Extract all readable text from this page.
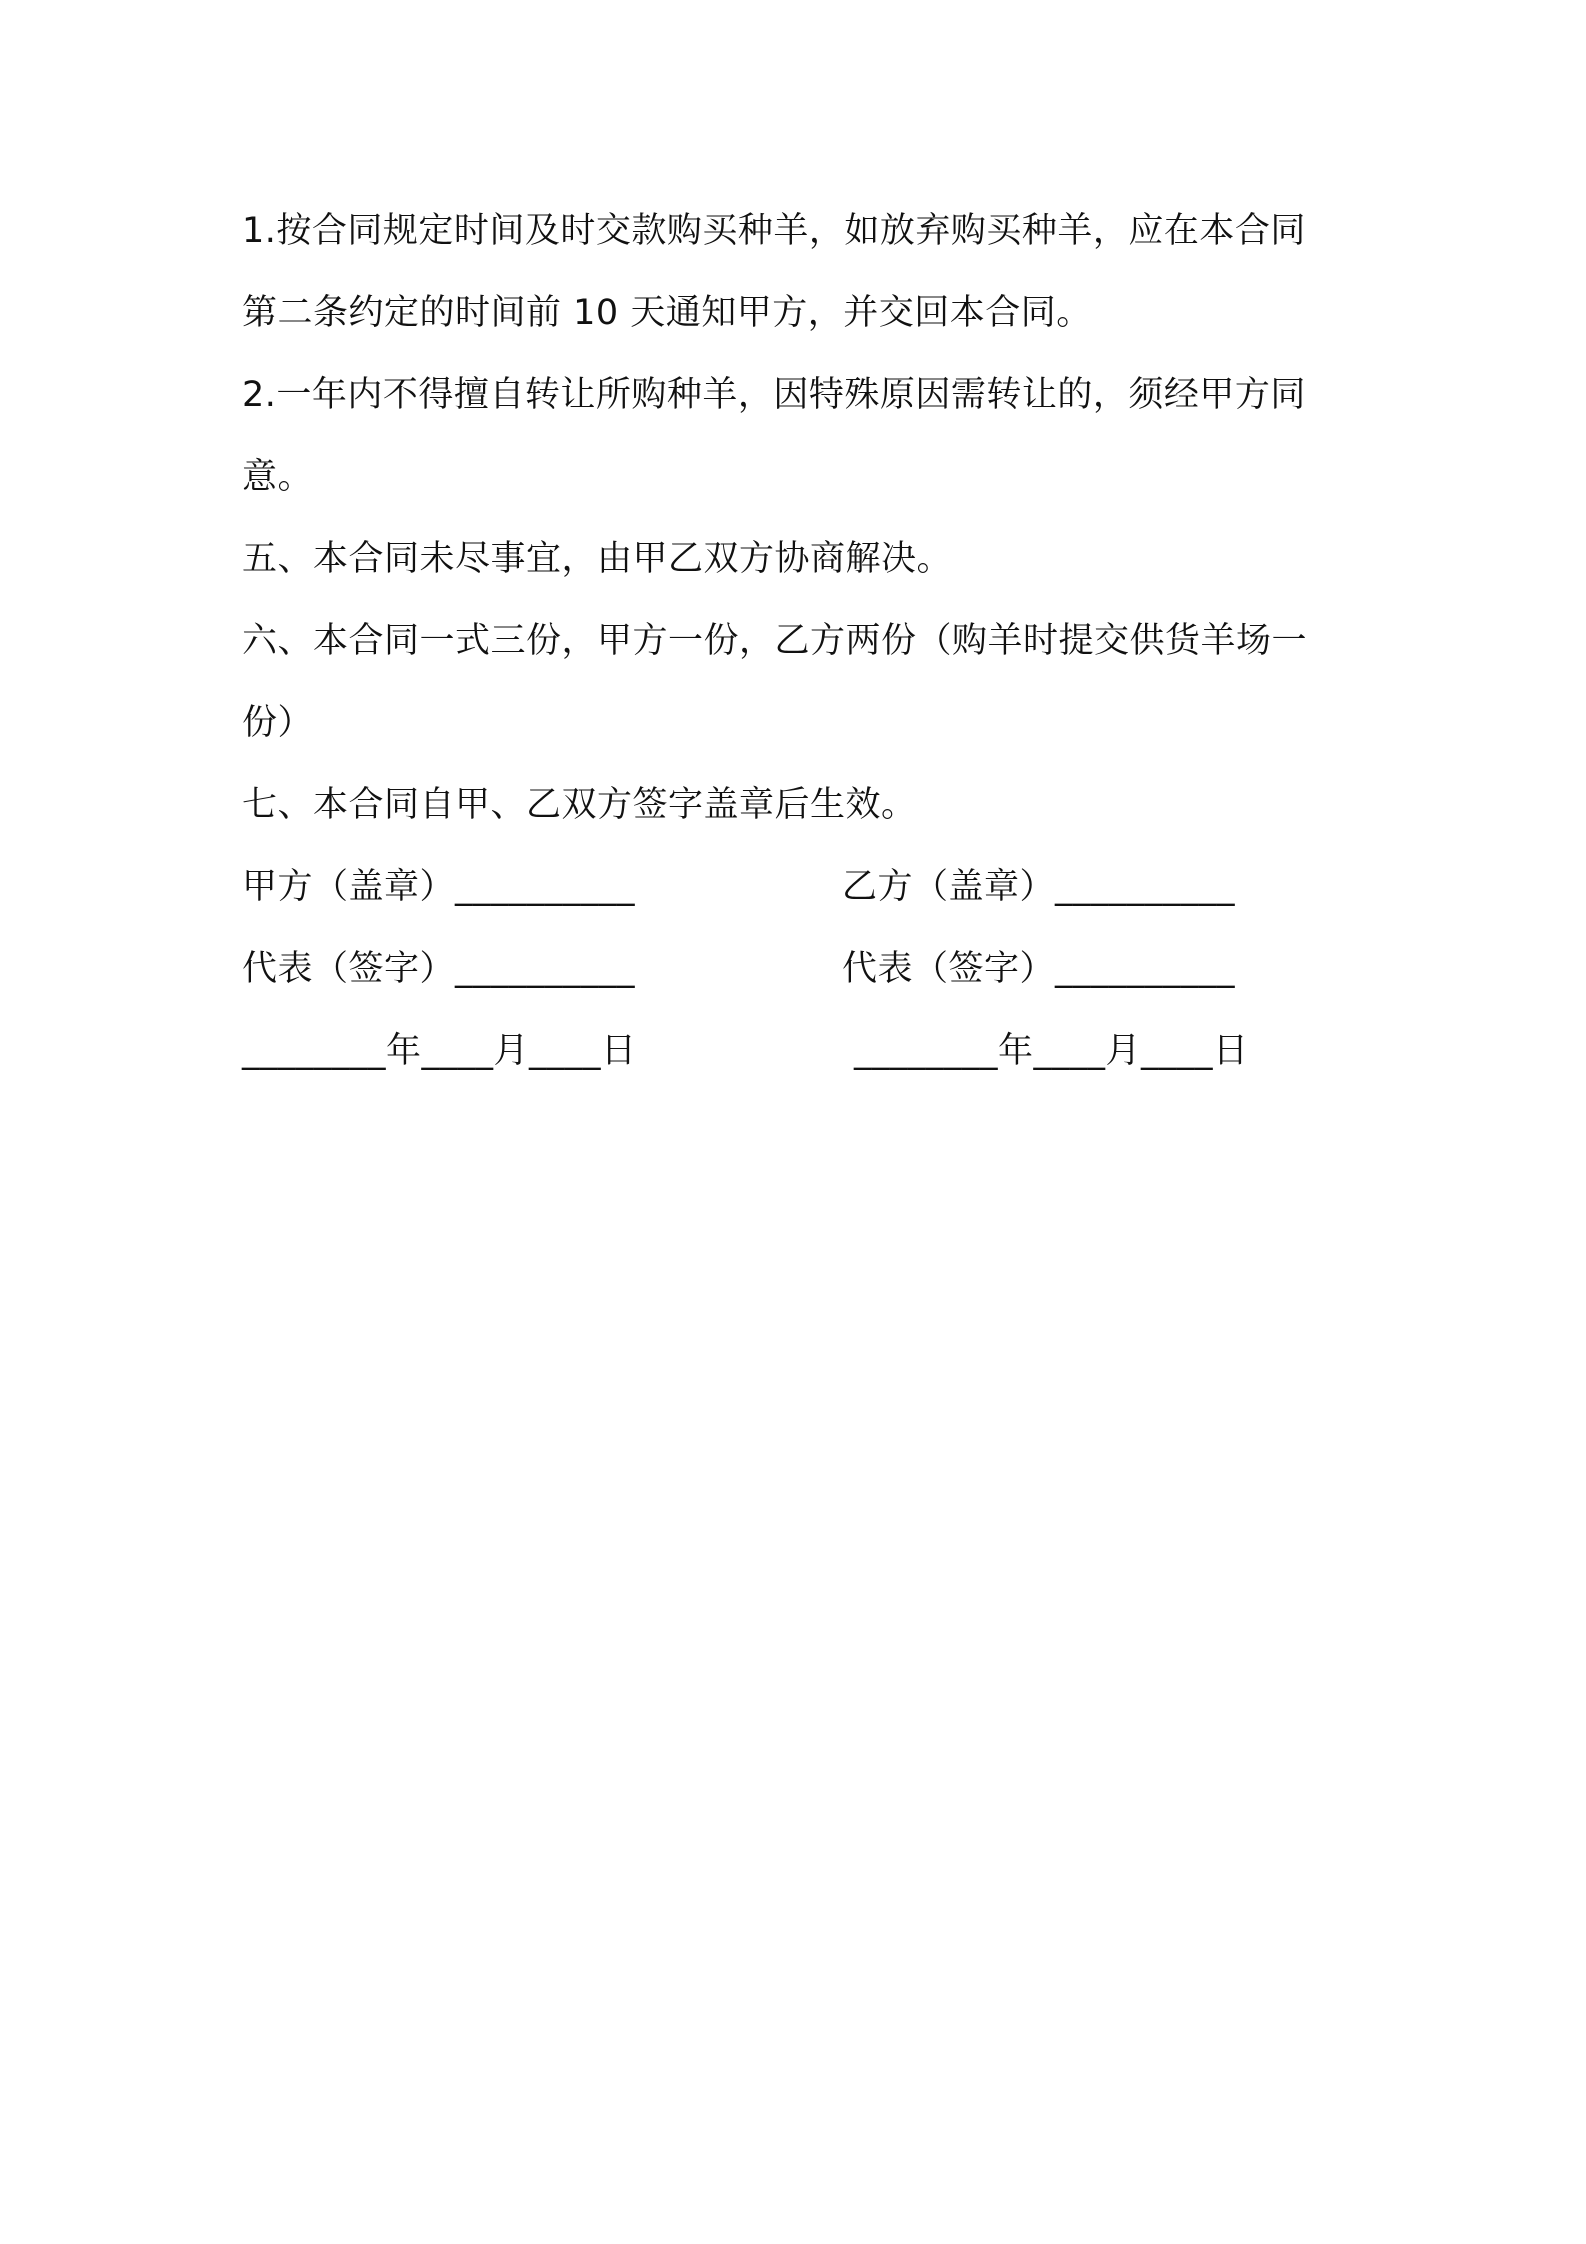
1.按合同规定时间及时交款购买种羊，如放弃购买种羊，应在本合同
第二条约定的时间前 10 天通知甲方，并交回本合同。
2.一年内不得擅自转让所购种羊，因特殊原因需转让的，须经甲方同
意。
五、本合同未尽事宜，由甲乙双方协商解决。
六、本合同一式三份，甲方一份，乙方两份（购羊时提交供货羊场一
份）
七、本合同自甲、乙双方签字盖章后生效。
甲方（盖章）__________	乙方（盖章）__________
代表（签字）__________	代表（签字）__________
________年____月____日	________年____月____日
